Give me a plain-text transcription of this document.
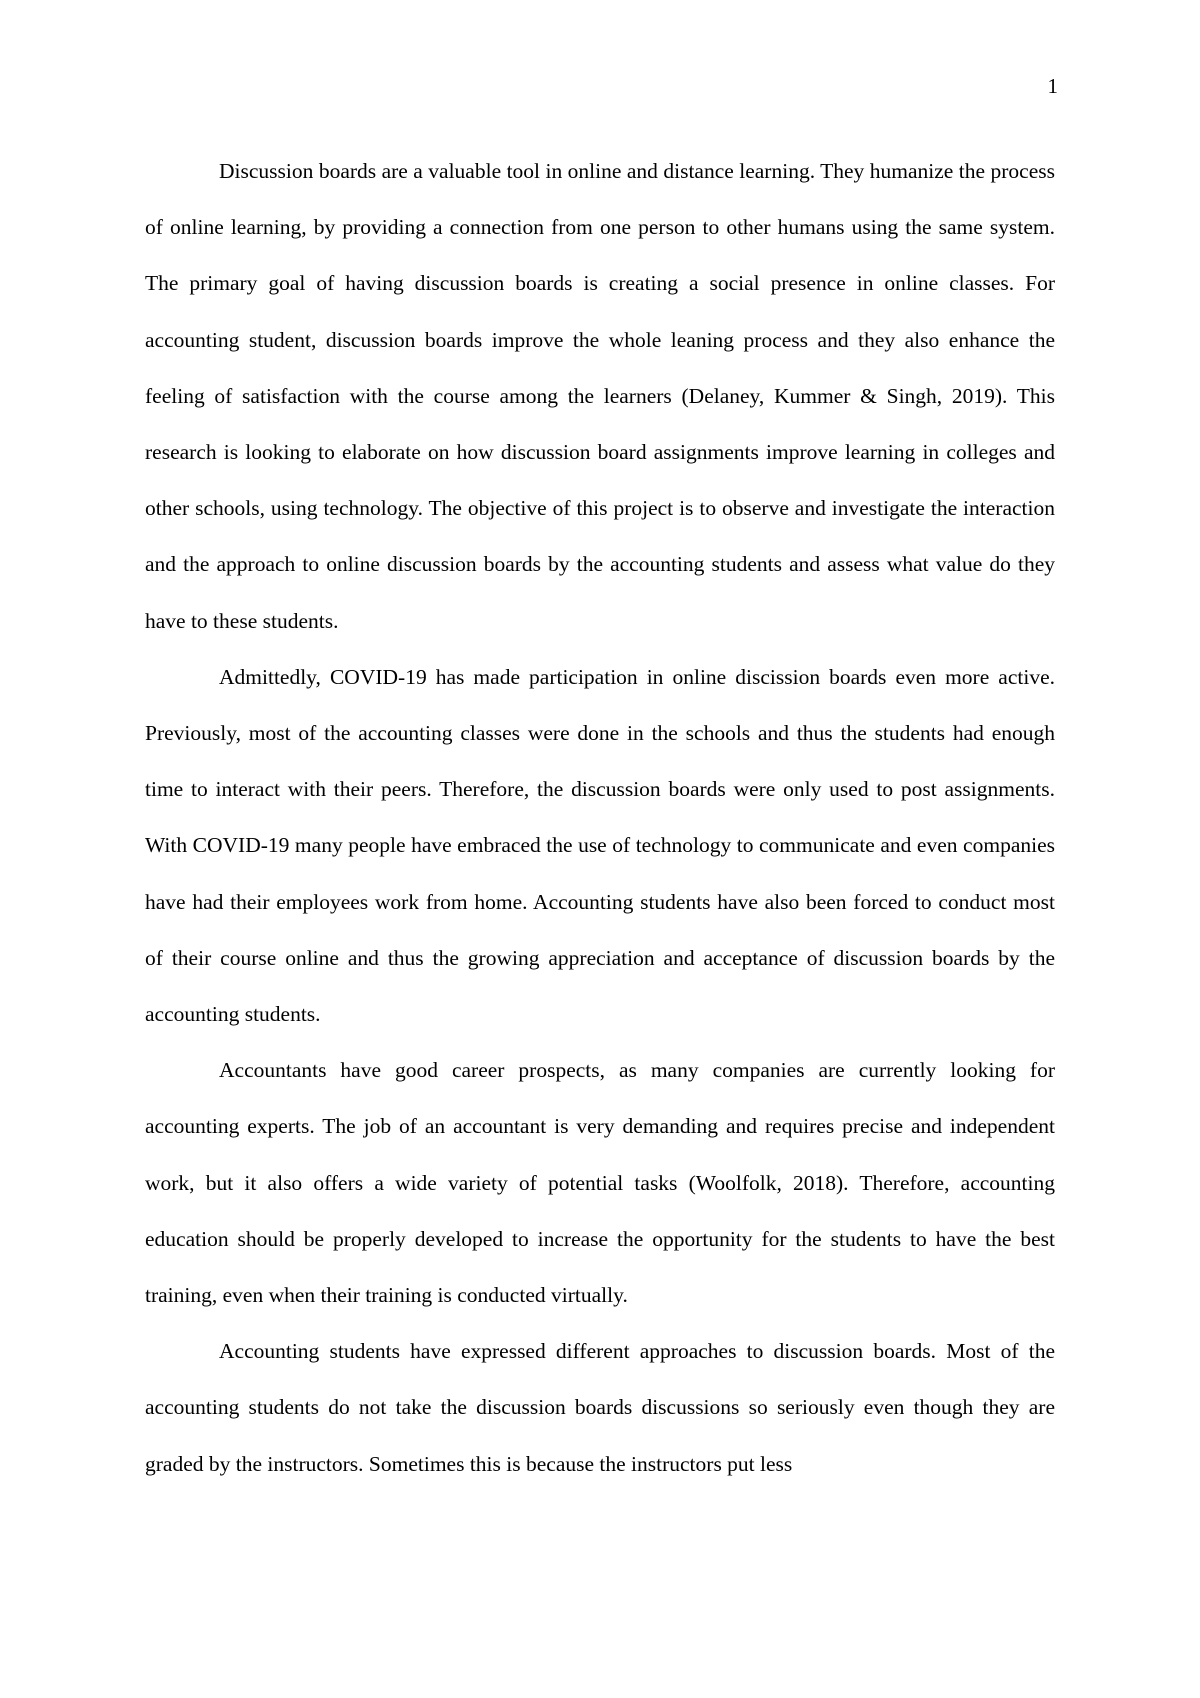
1

Discussion boards are a valuable tool in online and distance learning. They humanize the process of online learning, by providing a connection from one person to other humans using the same system. The primary goal of having discussion boards is creating a social presence in online classes. For accounting student, discussion boards improve the whole leaning process and they also enhance the feeling of satisfaction with the course among the learners (Delaney, Kummer & Singh, 2019). This research is looking to elaborate on how discussion board assignments improve learning in colleges and other schools, using technology. The objective of this project is to observe and investigate the interaction and the approach to online discussion boards by the accounting students and assess what value do they have to these students.

Admittedly, COVID-19 has made participation in online discission boards even more active. Previously, most of the accounting classes were done in the schools and thus the students had enough time to interact with their peers. Therefore, the discussion boards were only used to post assignments. With COVID-19 many people have embraced the use of technology to communicate and even companies have had their employees work from home. Accounting students have also been forced to conduct most of their course online and thus the growing appreciation and acceptance of discussion boards by the accounting students.

Accountants have good career prospects, as many companies are currently looking for accounting experts. The job of an accountant is very demanding and requires precise and independent work, but it also offers a wide variety of potential tasks (Woolfolk, 2018). Therefore, accounting education should be properly developed to increase the opportunity for the students to have the best training, even when their training is conducted virtually.

Accounting students have expressed different approaches to discussion boards. Most of the accounting students do not take the discussion boards discussions so seriously even though they are graded by the instructors. Sometimes this is because the instructors put less
